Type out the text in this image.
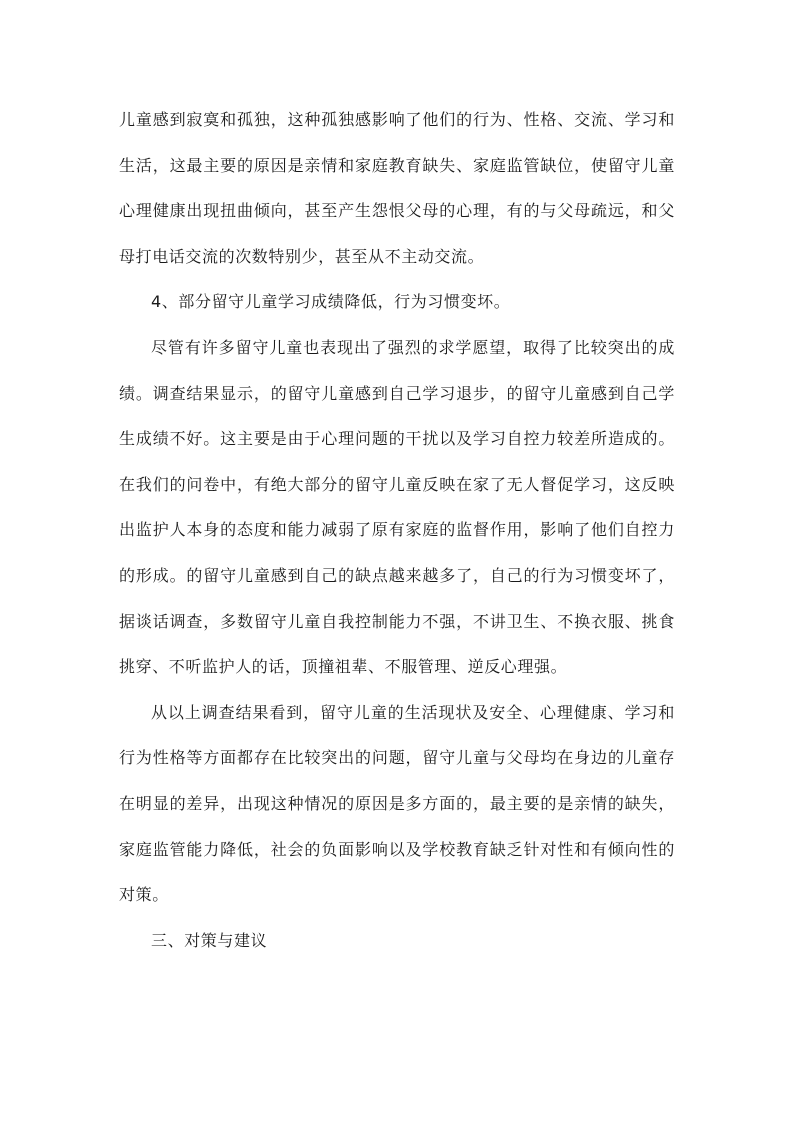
儿童感到寂寞和孤独，这种孤独感影响了他们的行为、性格、交流、学习和生活，这最主要的原因是亲情和家庭教育缺失、家庭监管缺位，使留守儿童心理健康出现扭曲倾向，甚至产生怨恨父母的心理，有的与父母疏远，和父母打电话交流的次数特别少，甚至从不主动交流。

4、部分留守儿童学习成绩降低，行为习惯变坏。

尽管有许多留守儿童也表现出了强烈的求学愿望，取得了比较突出的成绩。调查结果显示，的留守儿童感到自己学习退步，的留守儿童感到自己学生成绩不好。这主要是由于心理问题的干扰以及学习自控力较差所造成的。在我们的问卷中，有绝大部分的留守儿童反映在家了无人督促学习，这反映出监护人本身的态度和能力减弱了原有家庭的监督作用，影响了他们自控力的形成。的留守儿童感到自己的缺点越来越多了，自己的行为习惯变坏了，据谈话调查，多数留守儿童自我控制能力不强，不讲卫生、不换衣服、挑食挑穿、不听监护人的话，顶撞祖辈、不服管理、逆反心理强。

从以上调查结果看到，留守儿童的生活现状及安全、心理健康、学习和行为性格等方面都存在比较突出的问题，留守儿童与父母均在身边的儿童存在明显的差异，出现这种情况的原因是多方面的，最主要的是亲情的缺失，家庭监管能力降低，社会的负面影响以及学校教育缺乏针对性和有倾向性的对策。

三、对策与建议
